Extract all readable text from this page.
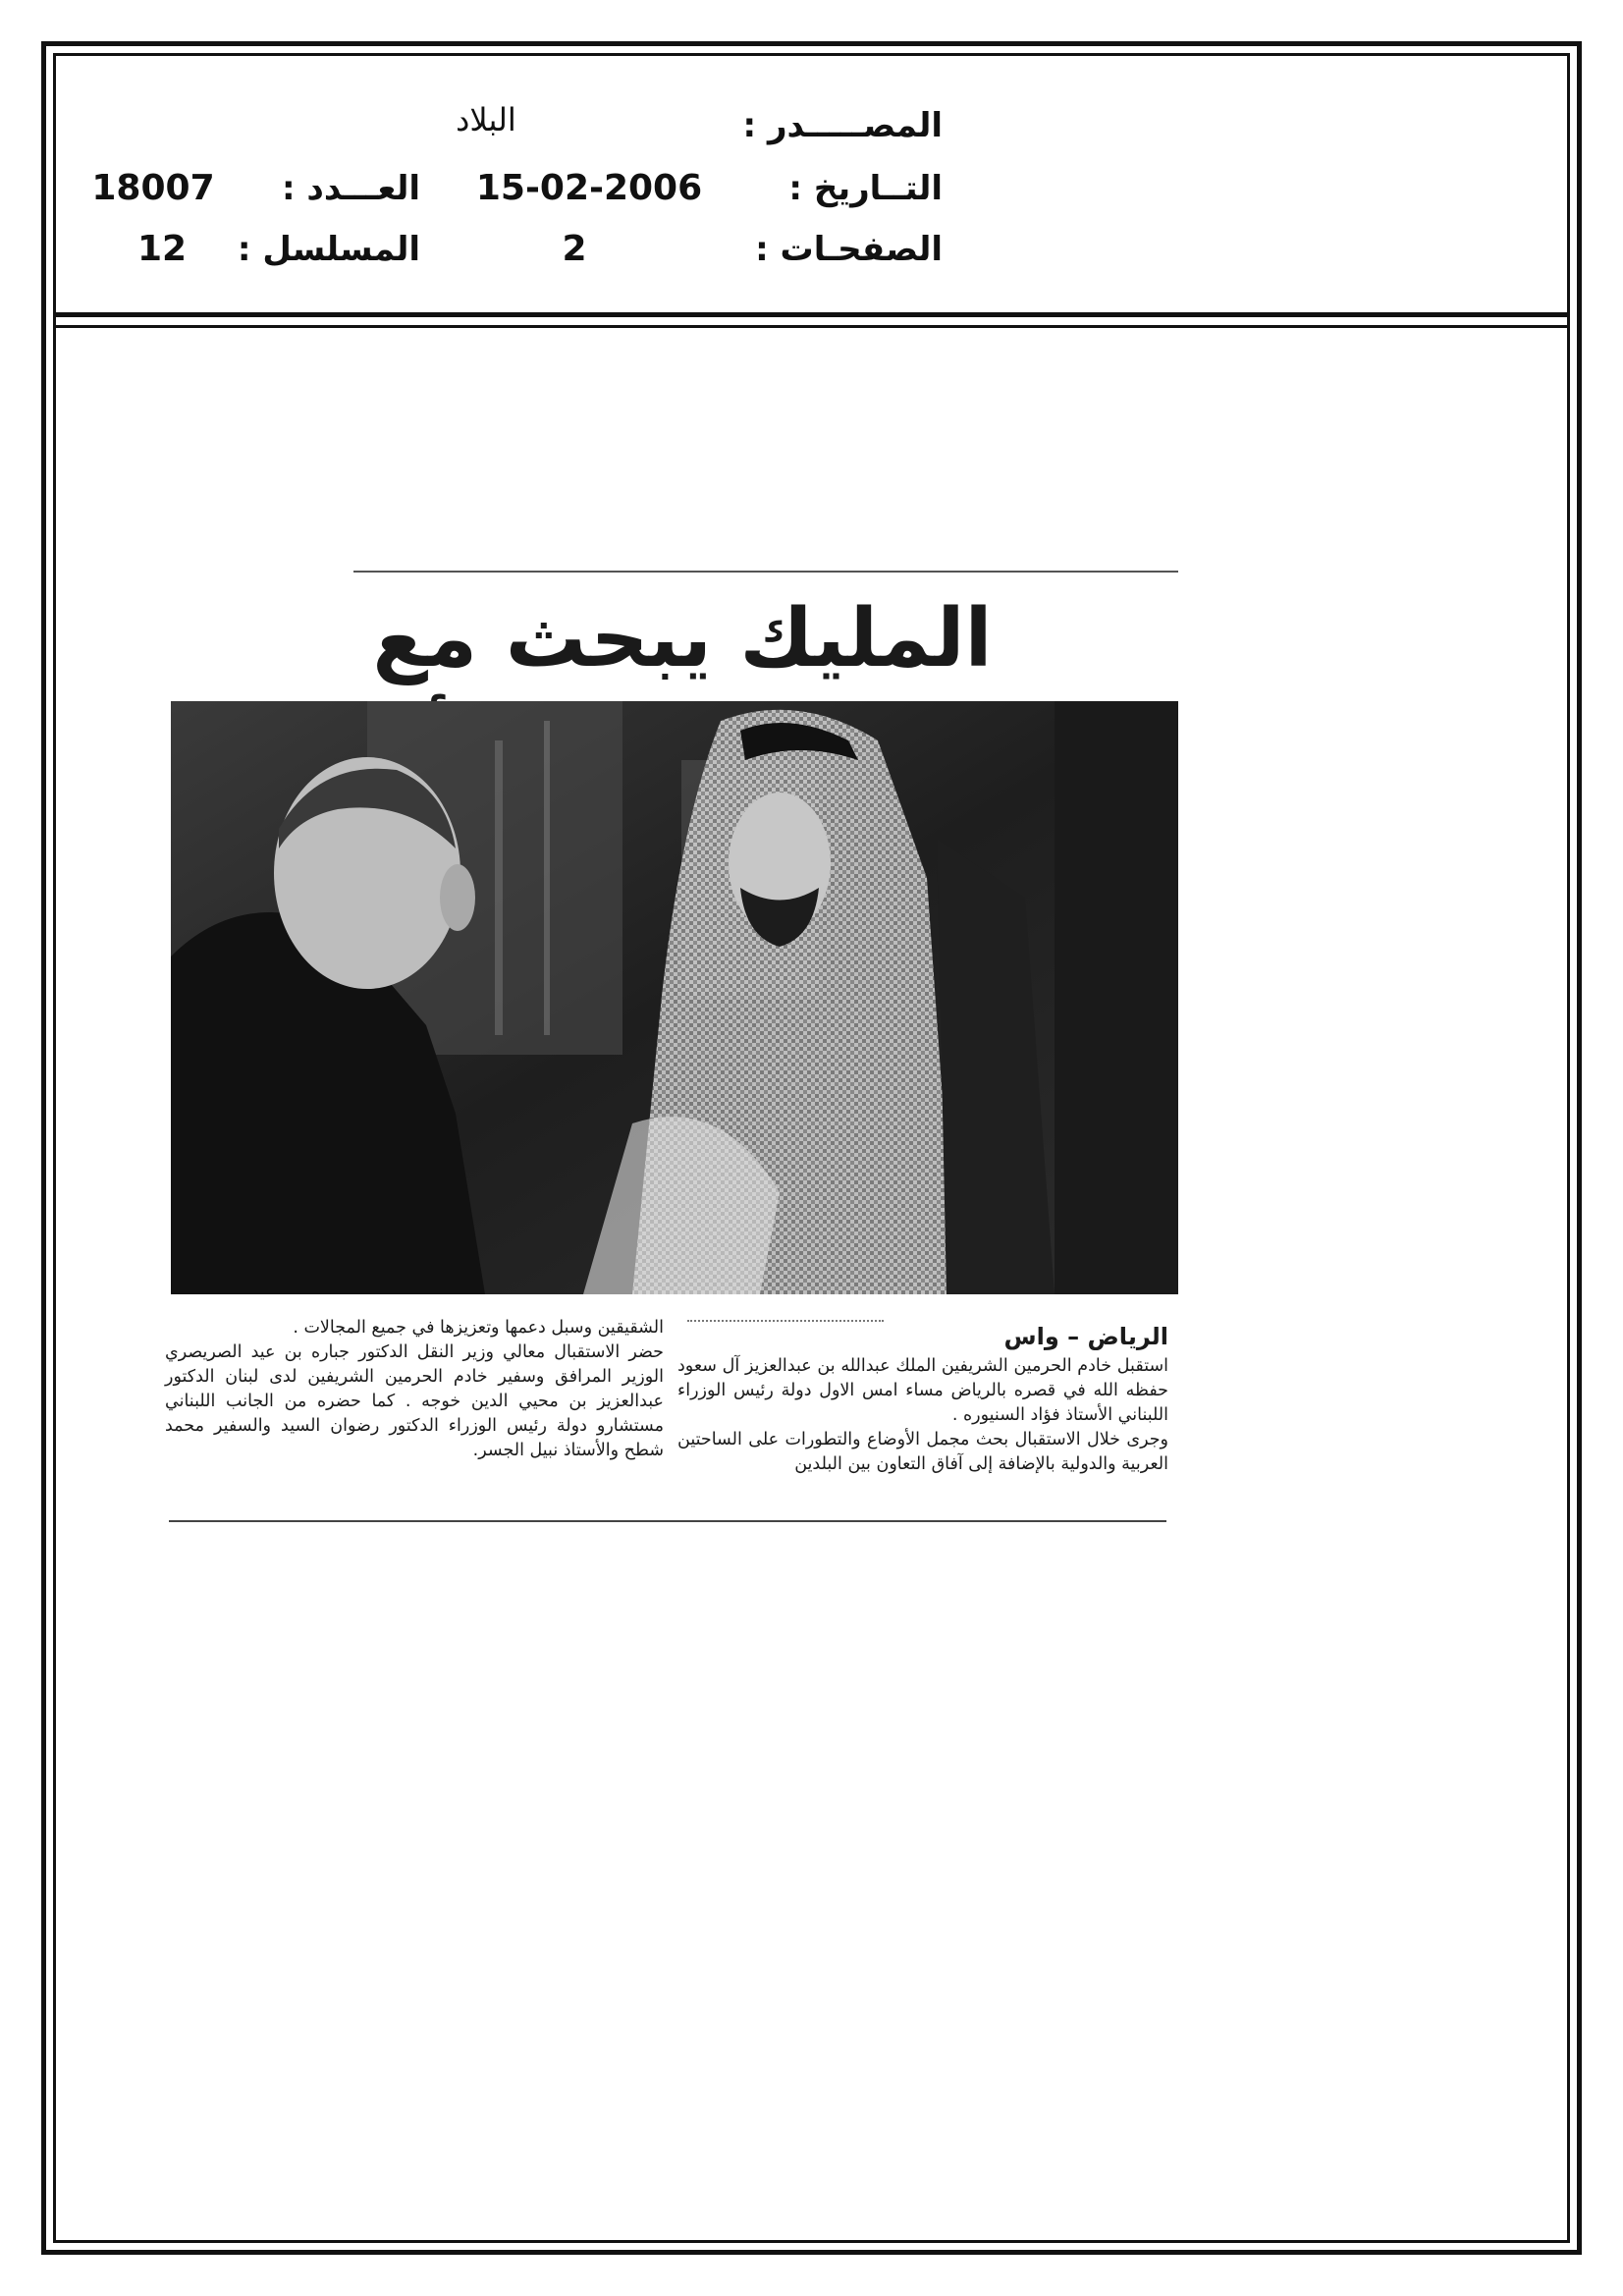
المصـــــدر :
البلاد
التــاريخ :
15-02-2006
العـــدد :
18007
الصفحـات :
2
المسلسل :
12
المليك يبحث مع
الرياض – واس

استقبل خادم الحرمين الشريفين الملك عبدالله بن عبدالعزيز آل سعود حفظه الله في قصره بالرياض مساء امس الاول دولة رئيس الوزراء اللبناني الأستاذ فؤاد السنيوره .

وجرى خلال الاستقبال بحث مجمل الأوضاع والتطورات على الساحتين العربية والدولية بالإضافة إلى آفاق التعاون بين البلدين

الشقيقين وسبل دعمها وتعزيزها في جميع المجالات .

حضر الاستقبال معالي وزير النقل الدكتور جباره بن عيد الصريصري الوزير المرافق وسفير خادم الحرمين الشريفين لدى لبنان الدكتور عبدالعزيز بن محيي الدين خوجه . كما حضره من الجانب اللبناني مستشارو دولة رئيس الوزراء الدكتور رضوان السيد والسفير محمد شطح والأستاذ نبيل الجسر.
